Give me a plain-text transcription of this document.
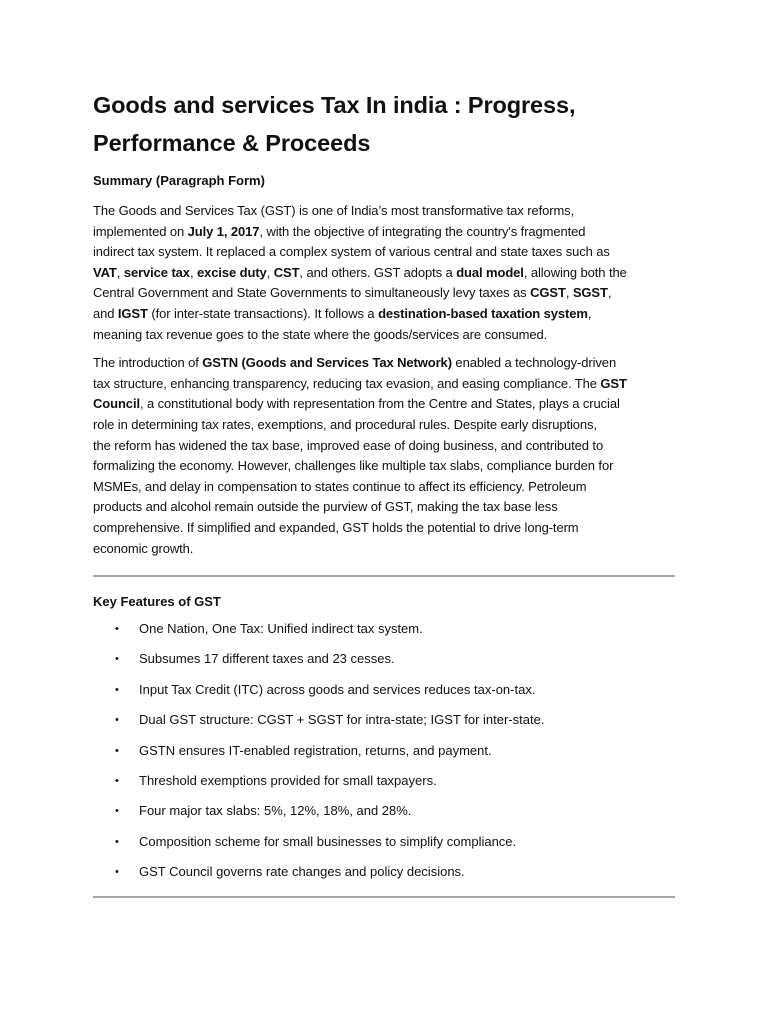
Goods and services Tax In india : Progress,
Performance & Proceeds
Summary (Paragraph Form)

The Goods and Services Tax (GST) is one of India’s most transformative tax reforms,
implemented on July 1, 2017, with the objective of integrating the country's fragmented
indirect tax system. It replaced a complex system of various central and state taxes such as
VAT, service tax, excise duty, CST, and others. GST adopts a dual model, allowing both the
Central Government and State Governments to simultaneously levy taxes as CGST, SGST,
and IGST (for inter-state transactions). It follows a destination-based taxation system,
meaning tax revenue goes to the state where the goods/services are consumed.

The introduction of GSTN (Goods and Services Tax Network) enabled a technology-driven
tax structure, enhancing transparency, reducing tax evasion, and easing compliance. The GST
Council, a constitutional body with representation from the Centre and States, plays a crucial
role in determining tax rates, exemptions, and procedural rules. Despite early disruptions,
the reform has widened the tax base, improved ease of doing business, and contributed to
formalizing the economy. However, challenges like multiple tax slabs, compliance burden for
MSMEs, and delay in compensation to states continue to affect its efficiency. Petroleum
products and alcohol remain outside the purview of GST, making the tax base less
comprehensive. If simplified and expanded, GST holds the potential to drive long-term
economic growth.

Key Features of GST
• One Nation, One Tax: Unified indirect tax system.
• Subsumes 17 different taxes and 23 cesses.
• Input Tax Credit (ITC) across goods and services reduces tax-on-tax.
• Dual GST structure: CGST + SGST for intra-state; IGST for inter-state.
• GSTN ensures IT-enabled registration, returns, and payment.
• Threshold exemptions provided for small taxpayers.
• Four major tax slabs: 5%, 12%, 18%, and 28%.
• Composition scheme for small businesses to simplify compliance.
• GST Council governs rate changes and policy decisions.
